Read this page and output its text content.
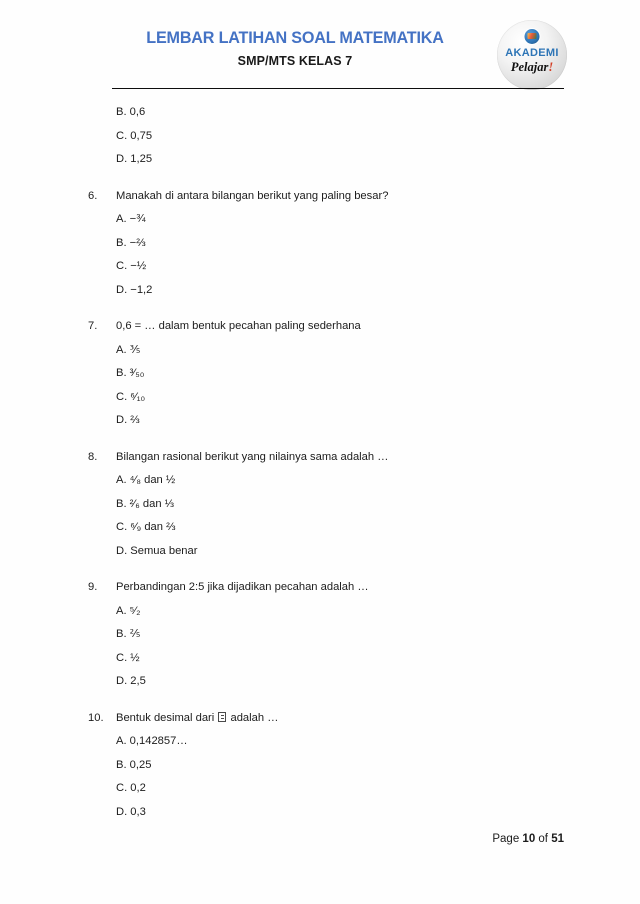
LEMBAR LATIHAN SOAL MATEMATIKA
SMP/MTS KELAS 7
AKADEMI
Pelajar!
B. 0,6
C. 0,75
D. 1,25
6.	Manakah di antara bilangan berikut yang paling besar?
A. −¾
B. −⅔
C. −½
D. −1,2
7.	0,6 = … dalam bentuk pecahan paling sederhana
A. ⅗
B. ³⁄₅₀
C. ⁶⁄₁₀
D. ⅔
8.	Bilangan rasional berikut yang nilainya sama adalah …
A. ⁴⁄₈ dan ½
B. ²⁄₆ dan ⅓
C. ⁶⁄₉ dan ⅔
D. Semua benar
9.	Perbandingan 2:5 jika dijadikan pecahan adalah …
A. ⁵⁄₂
B. ⅖
C. ½
D. 2,5
10.	Bentuk desimal dari adalah …
A. 0,142857…
B. 0,25
C. 0,2
D. 0,3
Page 10 of 51
